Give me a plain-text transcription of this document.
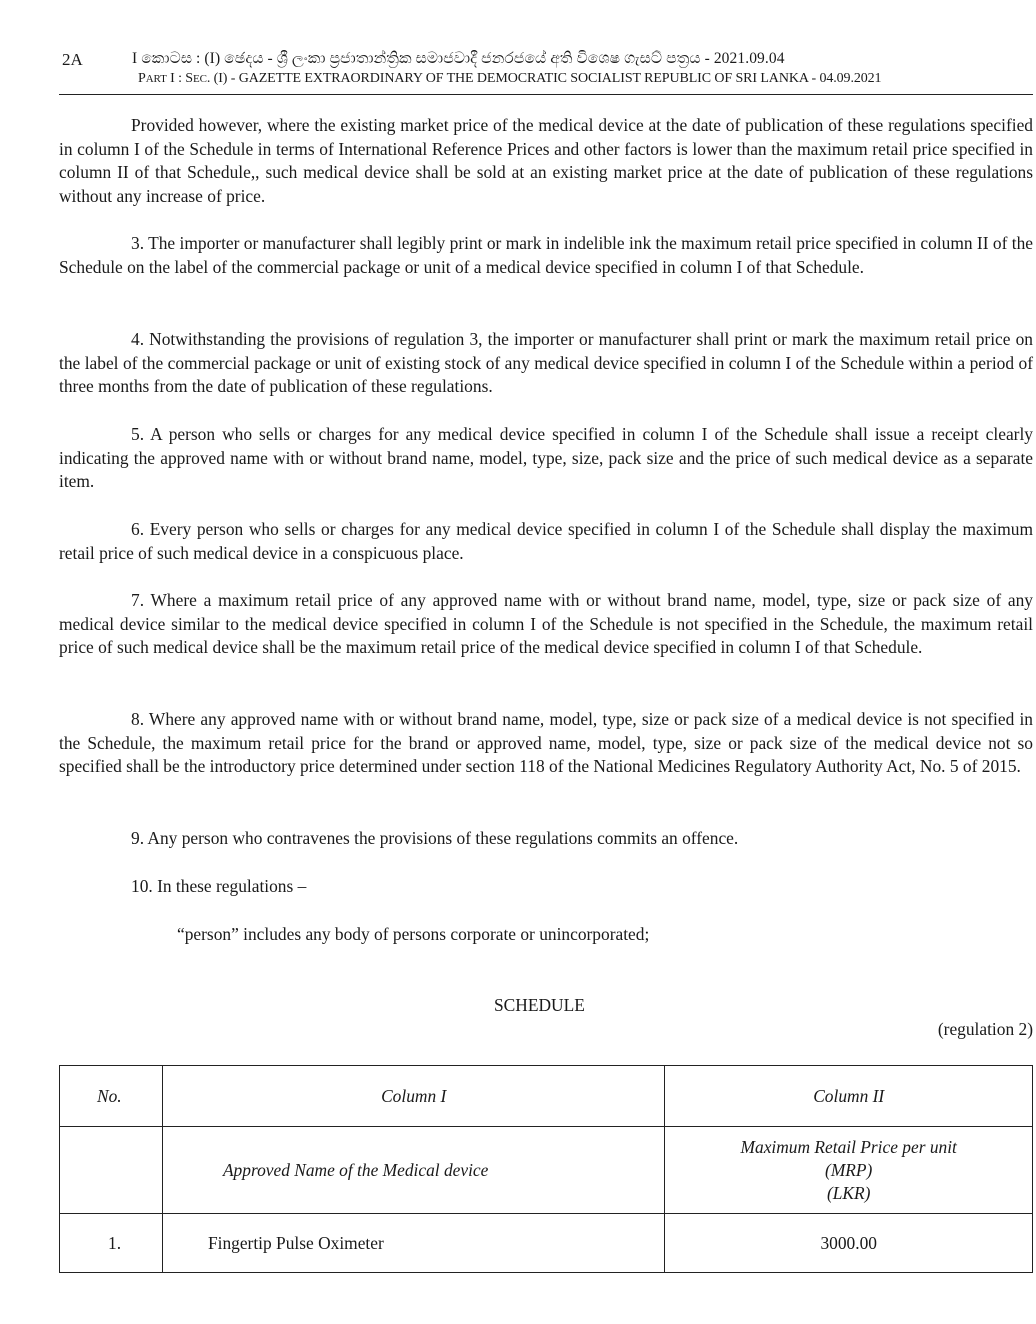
2A	I කොටස : (I) ඡෙදය - ශ්‍රී ලංකා ප්‍රජාතාන්ත්‍රික සමාජවාදී ජනරජයේ අති විශෙෂ ගැසට් පත්‍රය - 2021.09.04
PART I : SEC. (I) - GAZETTE EXTRAORDINARY OF THE DEMOCRATIC SOCIALIST REPUBLIC OF SRI LANKA - 04.09.2021

Provided however, where the existing market price of the medical device at the date of publication of these regulations specified in column I of the Schedule in terms of International Reference Prices and other factors is lower than the maximum retail price specified in column II of that Schedule,, such medical device shall be sold at an existing market price at the date of publication of these regulations without any increase of price.

3. The importer or manufacturer shall legibly print or mark in indelible ink the maximum retail price specified in column II of the Schedule on the label of the commercial package or unit of a medical device specified in column I of that Schedule.

4. Notwithstanding the provisions of regulation 3, the importer or manufacturer shall print or mark the maximum retail price on the label of the commercial package or unit of existing stock of any medical device specified in column I of the Schedule within a period of three months from the date of publication of these regulations.

5. A person who sells or charges for any medical device specified in column I of the Schedule shall issue a receipt clearly indicating the approved name with or without brand name, model, type, size, pack size and the price of such medical device as a separate item.

6. Every person who sells or charges for any medical device specified in column I of the Schedule shall display the maximum retail price of such medical device in a conspicuous place.

7. Where a maximum retail price of any approved name with or without brand name, model, type, size or pack size of any medical device similar to the medical device specified in column I of the Schedule is not specified in the Schedule, the maximum retail price of such medical device shall be the maximum retail price of the medical device specified in column I of that Schedule.

8. Where any approved name with or without brand name, model, type, size or pack size of a medical device is not specified in the Schedule, the maximum retail price for the brand or approved name, model, type, size or pack size of the medical device not so specified shall be the introductory price determined under section 118 of the National Medicines Regulatory Authority Act, No. 5 of 2015.

9. Any person who contravenes the provisions of these regulations commits an offence.

10. In these regulations –

“person” includes any body of persons corporate or unincorporated;

SCHEDULE
(regulation 2)
No.	Column I	Column II
	Approved Name of the Medical device	Maximum Retail Price per unit
(MRP)
(LKR)

1.	Fingertip Pulse Oximeter	3000.00
